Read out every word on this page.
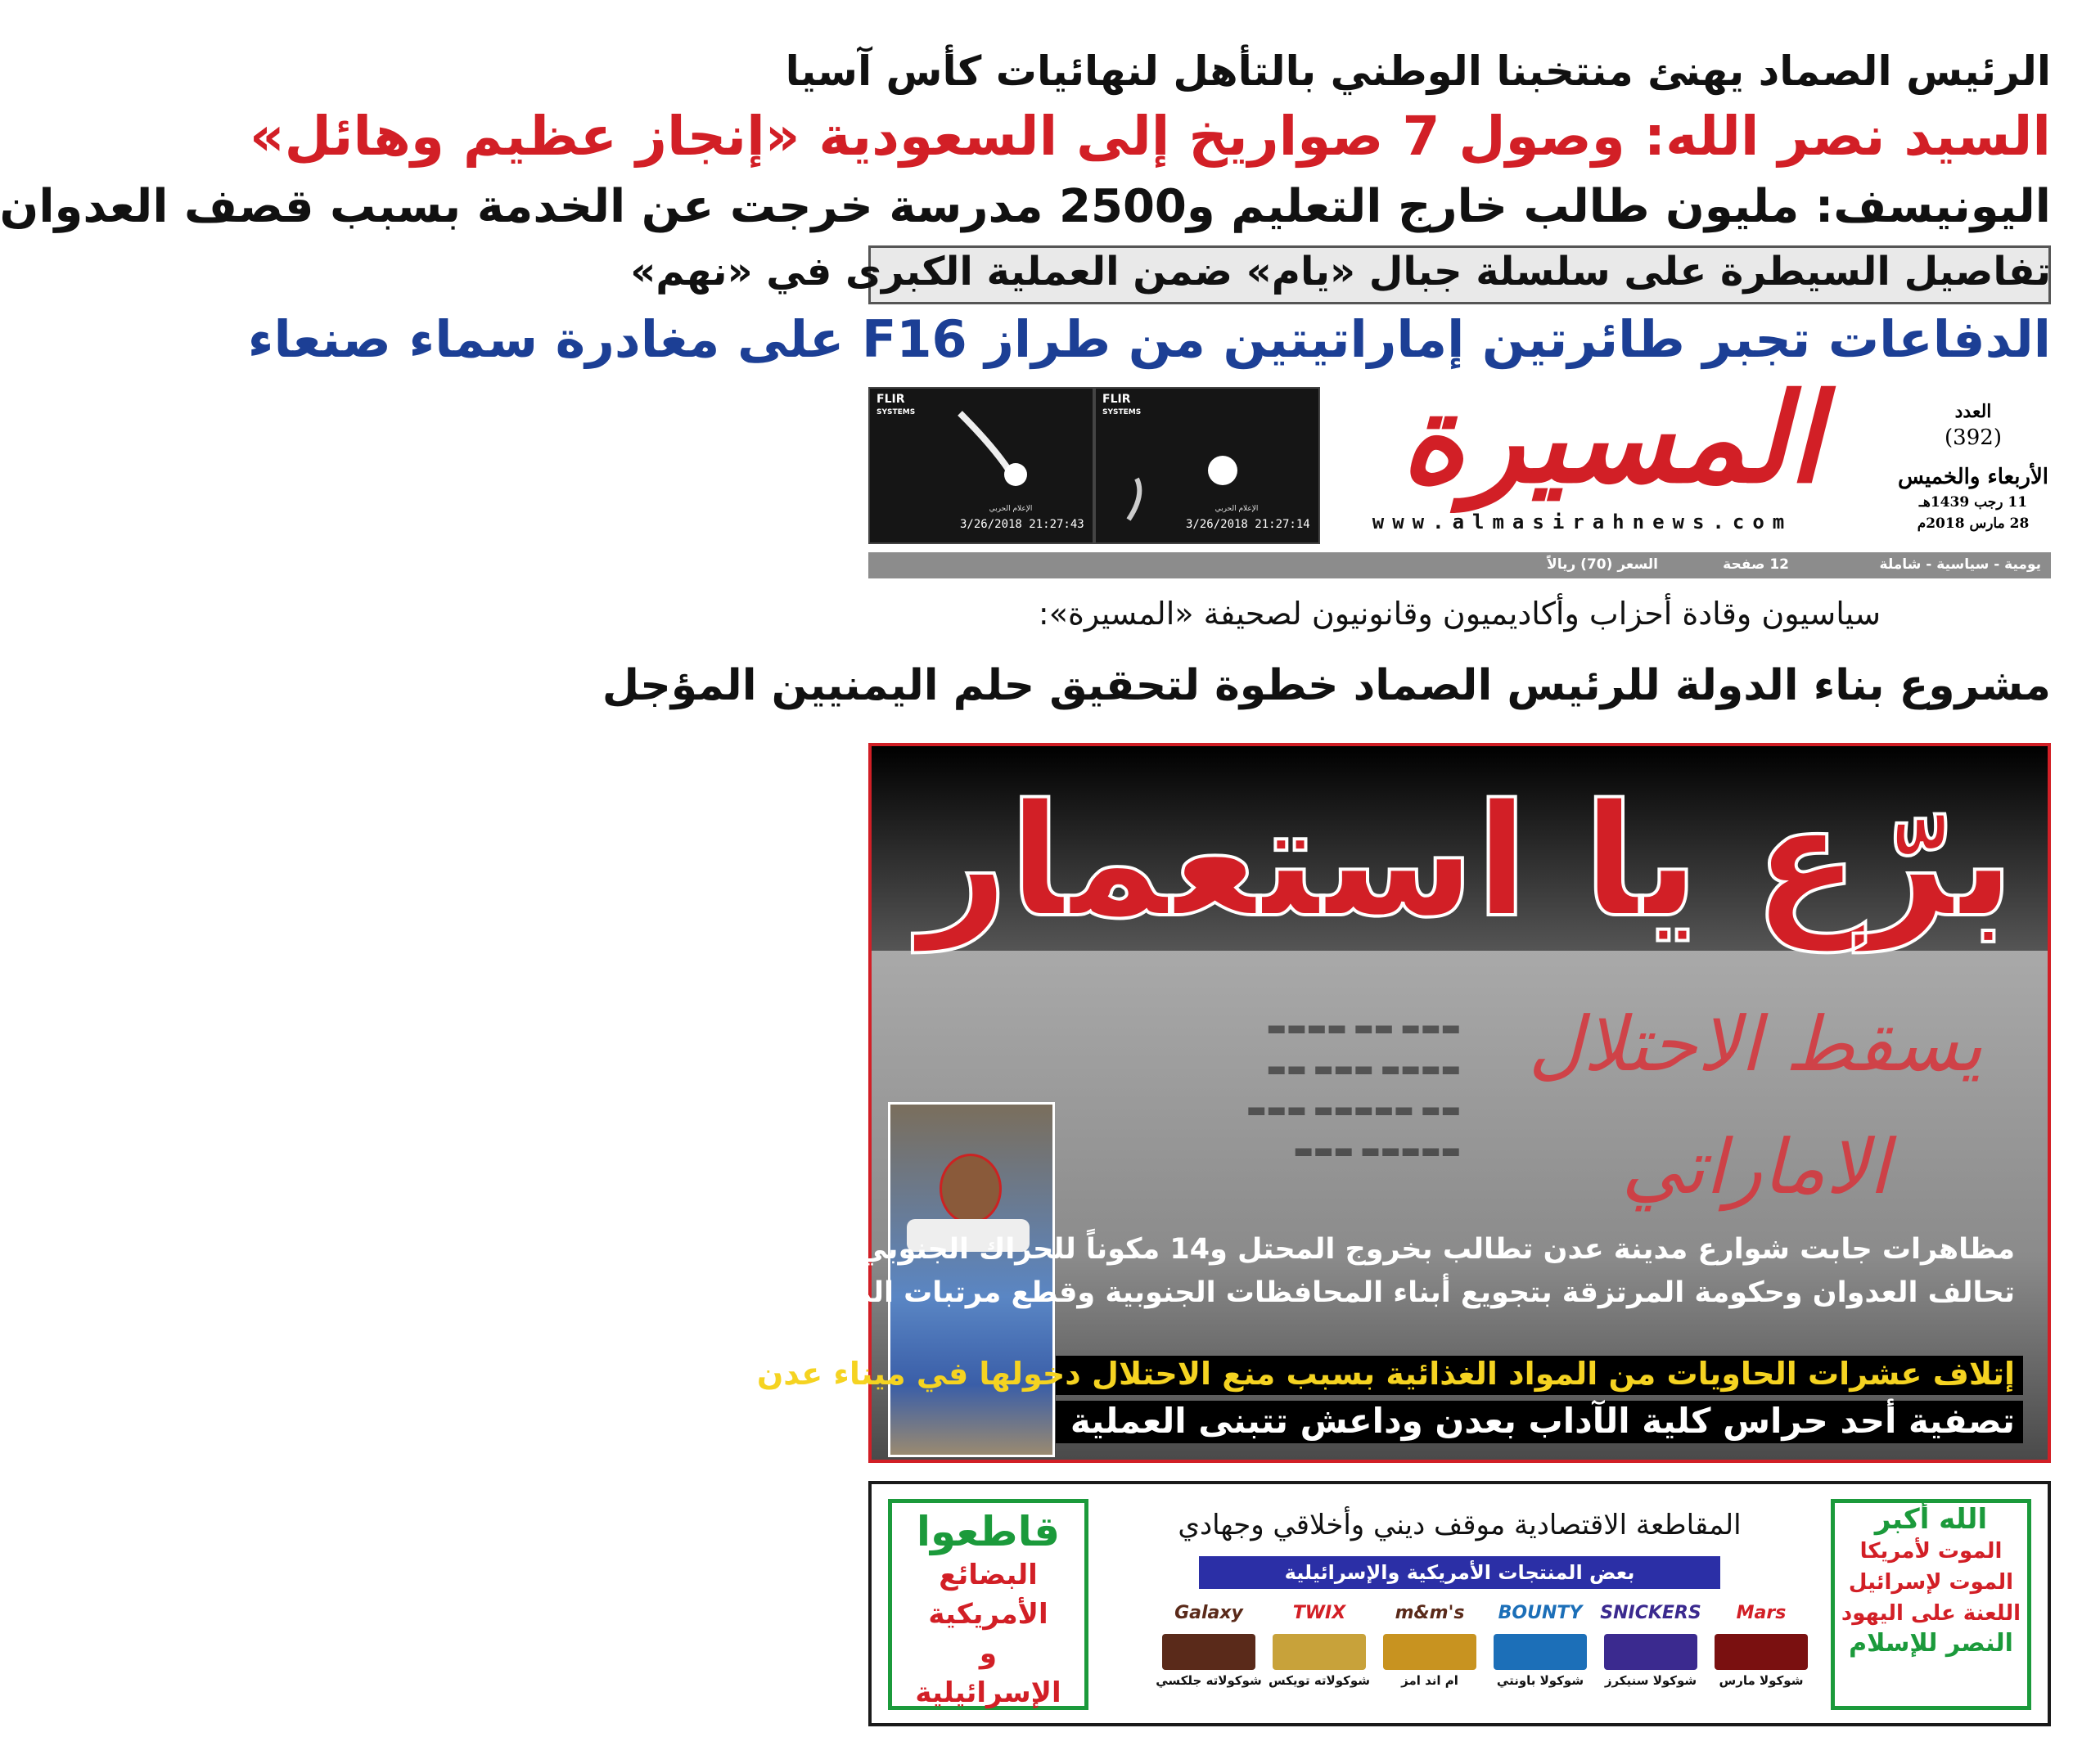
الرئيس الصماد يهنئ منتخبنا الوطني بالتأهل لنهائيات كأس آسيا
السيد نصر الله: وصول 7 صواريخ إلى السعودية «إنجاز عظيم وهائل»
اليونيسف: مليون طالب خارج التعليم و2500 مدرسة خرجت عن الخدمة بسبب قصف العدوان
تفاصيل السيطرة على سلسلة جبال «يام» ضمن العملية الكبرى في «نهم»
الدفاعات تجبر طائرتين إماراتيتين من طراز F16 على مغادرة سماء صنعاء
FLIR
SYSTEMS
الإعلام الحربي
3/26/2018 21:27:43
FLIR
SYSTEMS
الإعلام الحربي
3/26/2018 21:27:14
المسيرة
www.almasirahnews.com
العدد
(392)
الأربعاء والخميس
11 رجب 1439هـ
28 مارس 2018م
يومية - سياسية - شاملة
12 صفحة
السعر (70) ريالاً
سياسيون وقادة أحزاب وأكاديميون وقانونيون لصحيفة «المسيرة»:
مشروع بناء الدولة للرئيس الصماد خطوة لتحقيق حلم اليمنيين المؤجل
يسقط الاحتلال الاماراتي
▬▬▬ ▬▬ ▬▬▬▬
▬▬▬▬ ▬▬▬ ▬▬
▬▬ ▬▬▬▬▬ ▬▬▬
▬▬▬▬▬ ▬▬▬
برّع يا استعمار
مظاهرات جابت شوارع مدينة عدن تطالب بخروج المحتل و14 مكوناً للحراك الجنوبي يتهم
تحالف العدوان وحكومة المرتزقة بتجويع أبناء المحافظات الجنوبية وقطع مرتبات الموظفين
إتلاف عشرات الحاويات من المواد الغذائية بسبب منع الاحتلال دخولها في ميناء عدن
تصفية أحد حراس كلية الآداب بعدن وداعش تتبنى العملية
الله أكبر
الموت لأمريكا
الموت لإسرائيل
اللعنة على اليهود
النصر للإسلام
قاطعوا
البضائع الأمريكية
و
الإسرائيلية
المقاطعة الاقتصادية موقف ديني وأخلاقي وجهادي
بعض المنتجات الأمريكية والإسرائيلية
Mars
شوكولا مارس
SNICKERS
شوكولا سنيكرز
BOUNTY
شوكولا باونتي
m&m's
ام اند امز
TWIX
شوكولاته تويكس
Galaxy
شوكولاته جلكسي
